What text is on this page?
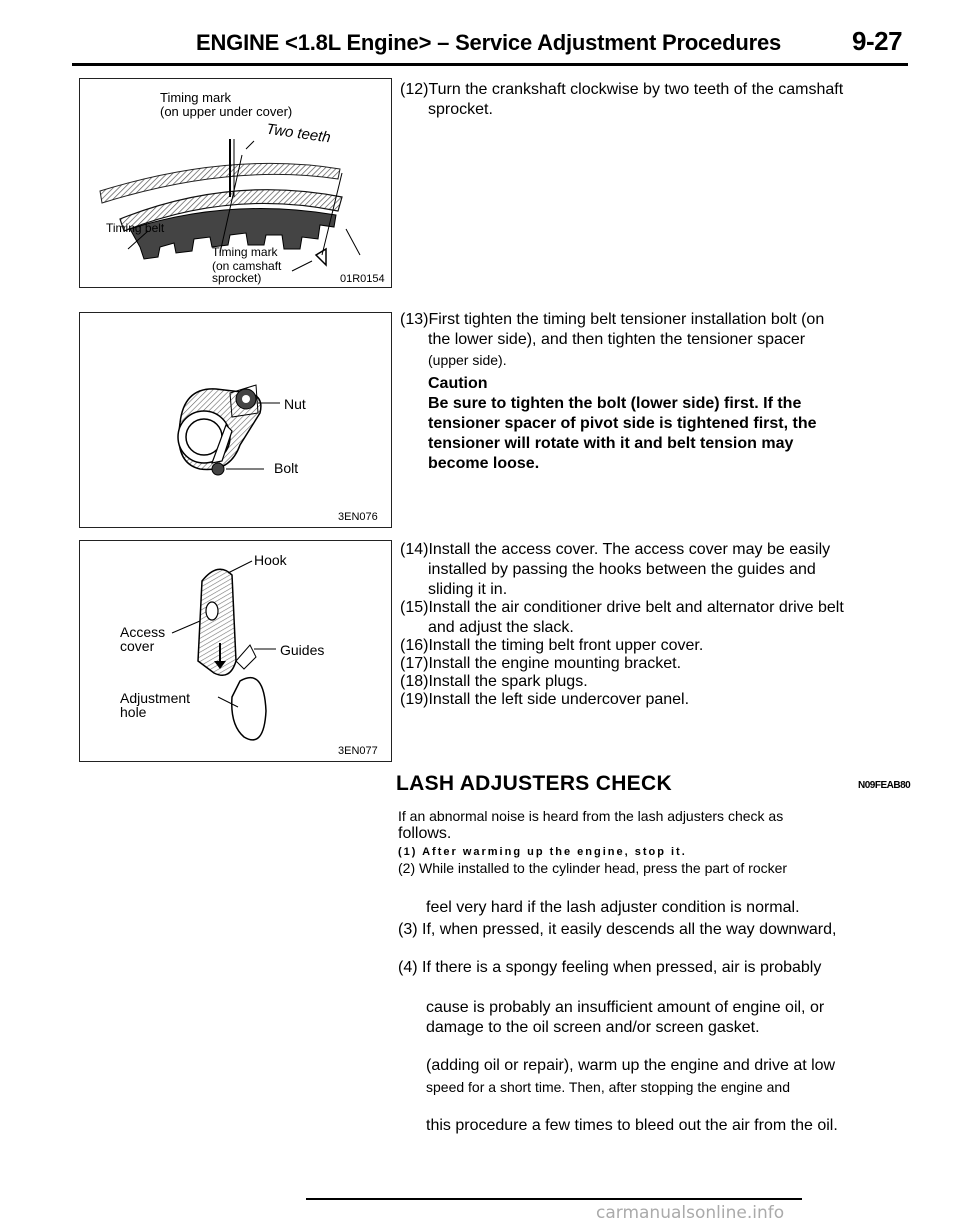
ENGINE <1.8L Engine> – Service Adjustment Procedures	9-27
Timing mark
(on upper under cover)
Two teeth
Timing belt
Timing mark
(on camshaft
sprocket)	01R0154
Nut
Bolt
3EN076
Hook
Access
cover	Guides
Adjustment
hole
3EN077
(12)Turn the crankshaft clockwise by two teeth of the camshaft
sprocket.
(13)First tighten the timing belt tensioner installation bolt (on
the lower side), and then tighten the tensioner spacer
(upper side).
Caution
Be sure to tighten the bolt (lower side) first. If the
tensioner spacer of pivot side is tightened first, the
tensioner will rotate with it and belt tension may
become loose.
(14)Install the access cover. The access cover may be easily
installed by passing the hooks between the guides and
sliding it in.
(15)Install the air conditioner drive belt and alternator drive belt
and adjust the slack.
(16)Install the timing belt front upper cover.
(17)Install the engine mounting bracket.
(18)Install the spark plugs.
(19)Install the left side undercover panel.
LASH ADJUSTERS CHECK	N09FEAB80
If an abnormal noise is heard from the lash adjusters check as
follows.
(1) After warming up the engine, stop it.
(2) While installed to the cylinder head, press the part of rocker
feel very hard if the lash adjuster condition is normal.
(3) If, when pressed, it easily descends all the way downward,
(4) If there is a spongy feeling when pressed, air is probably
cause is probably an insufficient amount of engine oil, or
damage to the oil screen and/or screen gasket.
(adding oil or repair), warm up the engine and drive at low
speed for a short time. Then, after stopping the engine and
this procedure a few times to bleed out the air from the oil.
carmanualsonline.info
